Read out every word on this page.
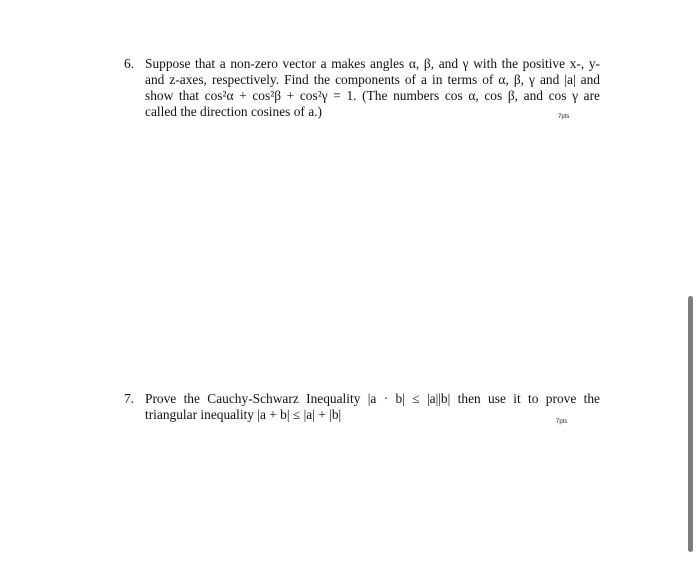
6. Suppose that a non-zero vector a makes angles α, β, and γ with the positive x-, y-
and z-axes, respectively. Find the components of a in terms of α, β, γ and |a| and
show that cos²α + cos²β + cos²γ = 1. (The numbers cos α, cos β, and cos γ are
called the direction cosines of a.)	7pts
7. Prove the Cauchy-Schwarz Inequality |a · b| ≤ |a||b| then use it to prove the
triangular inequality |a + b| ≤ |a| + |b|	7pts
